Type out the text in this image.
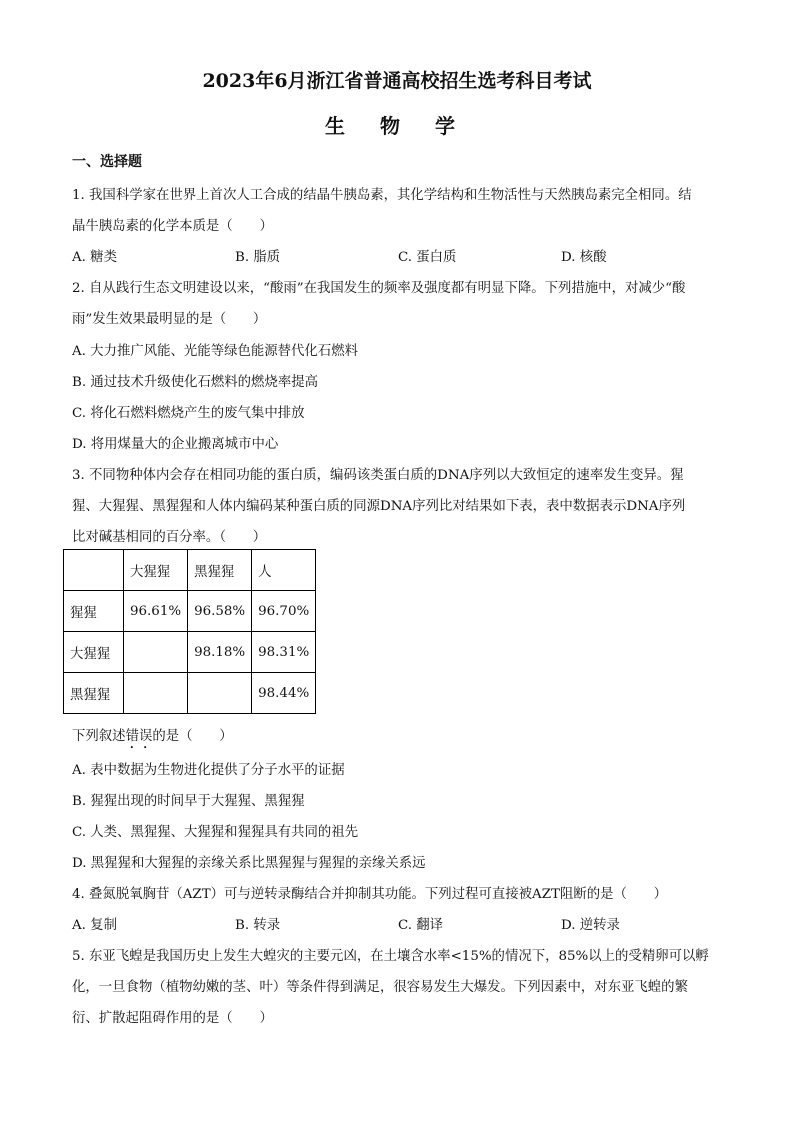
2023年6月浙江省普通高校招生选考科目考试
生 物 学

一、选择题

1. 我国科学家在世界上首次人工合成的结晶牛胰岛素，其化学结构和生物活性与天然胰岛素完全相同。结

晶牛胰岛素的化学本质是（　　）

A. 糖类	B. 脂质	C. 蛋白质	D. 核酸

2. 自从践行生态文明建设以来，“酸雨”在我国发生的频率及强度都有明显下降。下列措施中，对减少“酸

雨”发生效果最明显的是（　　）

A. 大力推广风能、光能等绿色能源替代化石燃料

B. 通过技术升级使化石燃料的燃烧率提高

C. 将化石燃料燃烧产生的废气集中排放

D. 将用煤量大的企业搬离城市中心

3. 不同物种体内会存在相同功能的蛋白质，编码该类蛋白质的DNA序列以大致恒定的速率发生变异。猩

猩、大猩猩、黑猩猩和人体内编码某种蛋白质的同源DNA序列比对结果如下表，表中数据表示DNA序列

比对碱基相同的百分率。（　　）

	大猩猩	黑猩猩	人
猩猩	96.61%	96.58%	96.70%
大猩猩		98.18%	98.31%
黑猩猩			98.44%

下列叙述错误的是（　　）

A. 表中数据为生物进化提供了分子水平的证据

B. 猩猩出现的时间早于大猩猩、黑猩猩

C. 人类、黑猩猩、大猩猩和猩猩具有共同的祖先

D. 黑猩猩和大猩猩的亲缘关系比黑猩猩与猩猩的亲缘关系远

4. 叠氮脱氧胸苷（AZT）可与逆转录酶结合并抑制其功能。下列过程可直接被AZT阻断的是（　　）

A. 复制	B. 转录	C. 翻译	D. 逆转录

5. 东亚飞蝗是我国历史上发生大蝗灾的主要元凶，在土壤含水率<15%的情况下，85%以上的受精卵可以孵

化，一旦食物（植物幼嫩的茎、叶）等条件得到满足，很容易发生大爆发。下列因素中，对东亚飞蝗的繁

衍、扩散起阻碍作用的是（　　）
